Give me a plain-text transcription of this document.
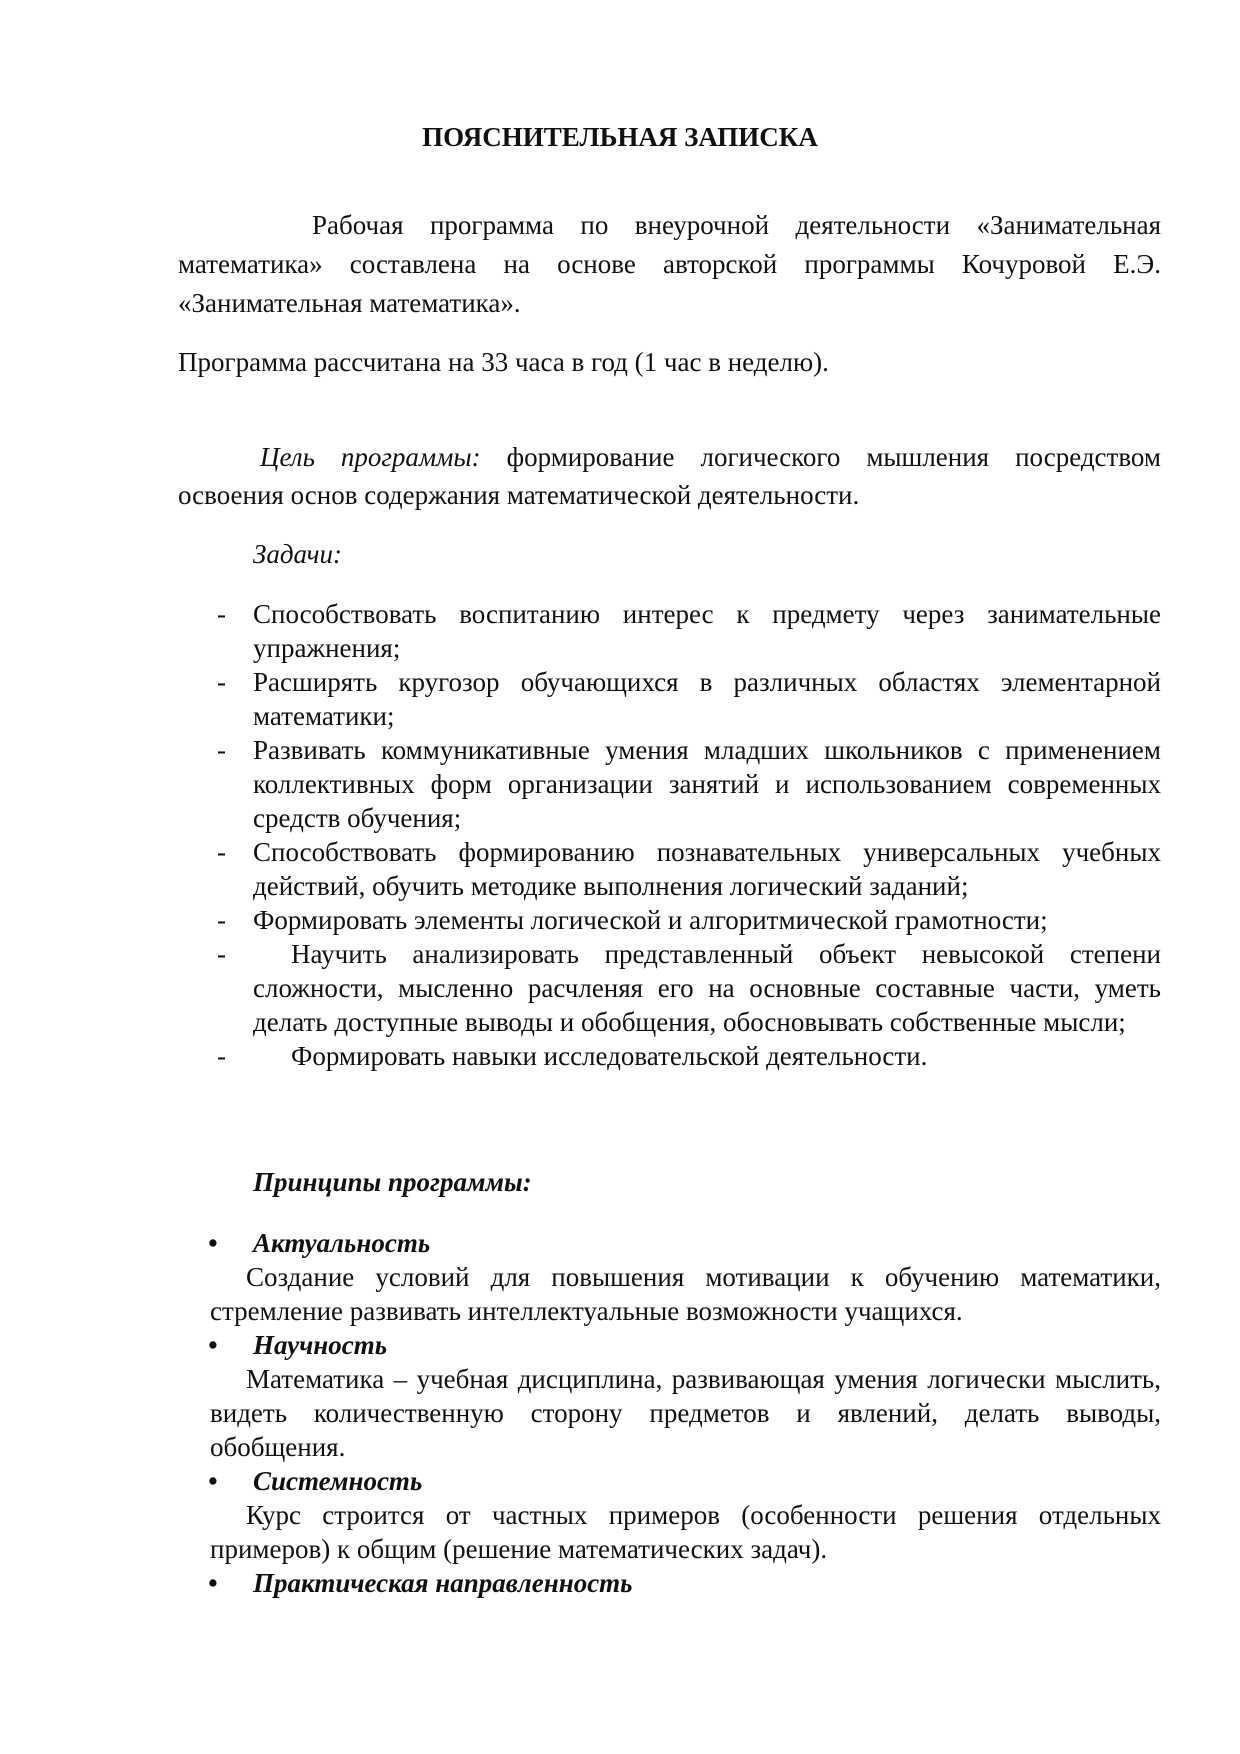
ПОЯСНИТЕЛЬНАЯ ЗАПИСКА
Рабочая программа по внеурочной деятельности «Занимательная математика» составлена на основе авторской программы Кочуровой Е.Э. «Занимательная математика».
Программа рассчитана на 33 часа в год (1 час в неделю).
Цель программы: формирование логического мышления посредством освоения основ содержания математической деятельности.
Задачи:
- Способствовать воспитанию интерес к предмету через занимательные упражнения;
- Расширять кругозор обучающихся в различных областях элементарной математики;
- Развивать коммуникативные умения младших школьников с применением коллективных форм организации занятий и использованием современных средств обучения;
- Способствовать формированию познавательных универсальных учебных действий, обучить методике выполнения логический заданий;
- Формировать элементы логической и алгоритмической грамотности;
- Научить анализировать представленный объект невысокой степени сложности, мысленно расчленяя его на основные составные части, уметь делать доступные выводы и обобщения, обосновывать собственные мысли;
- Формировать навыки исследовательской деятельности.
Принципы программы:
• Актуальность
Создание условий для повышения мотивации к обучению математики, стремление развивать интеллектуальные возможности учащихся.
• Научность
Математика – учебная дисциплина, развивающая умения логически мыслить, видеть количественную сторону предметов и явлений, делать выводы, обобщения.
• Системность
Курс строится от частных примеров (особенности решения отдельных примеров) к общим (решение математических задач).
• Практическая направленность
